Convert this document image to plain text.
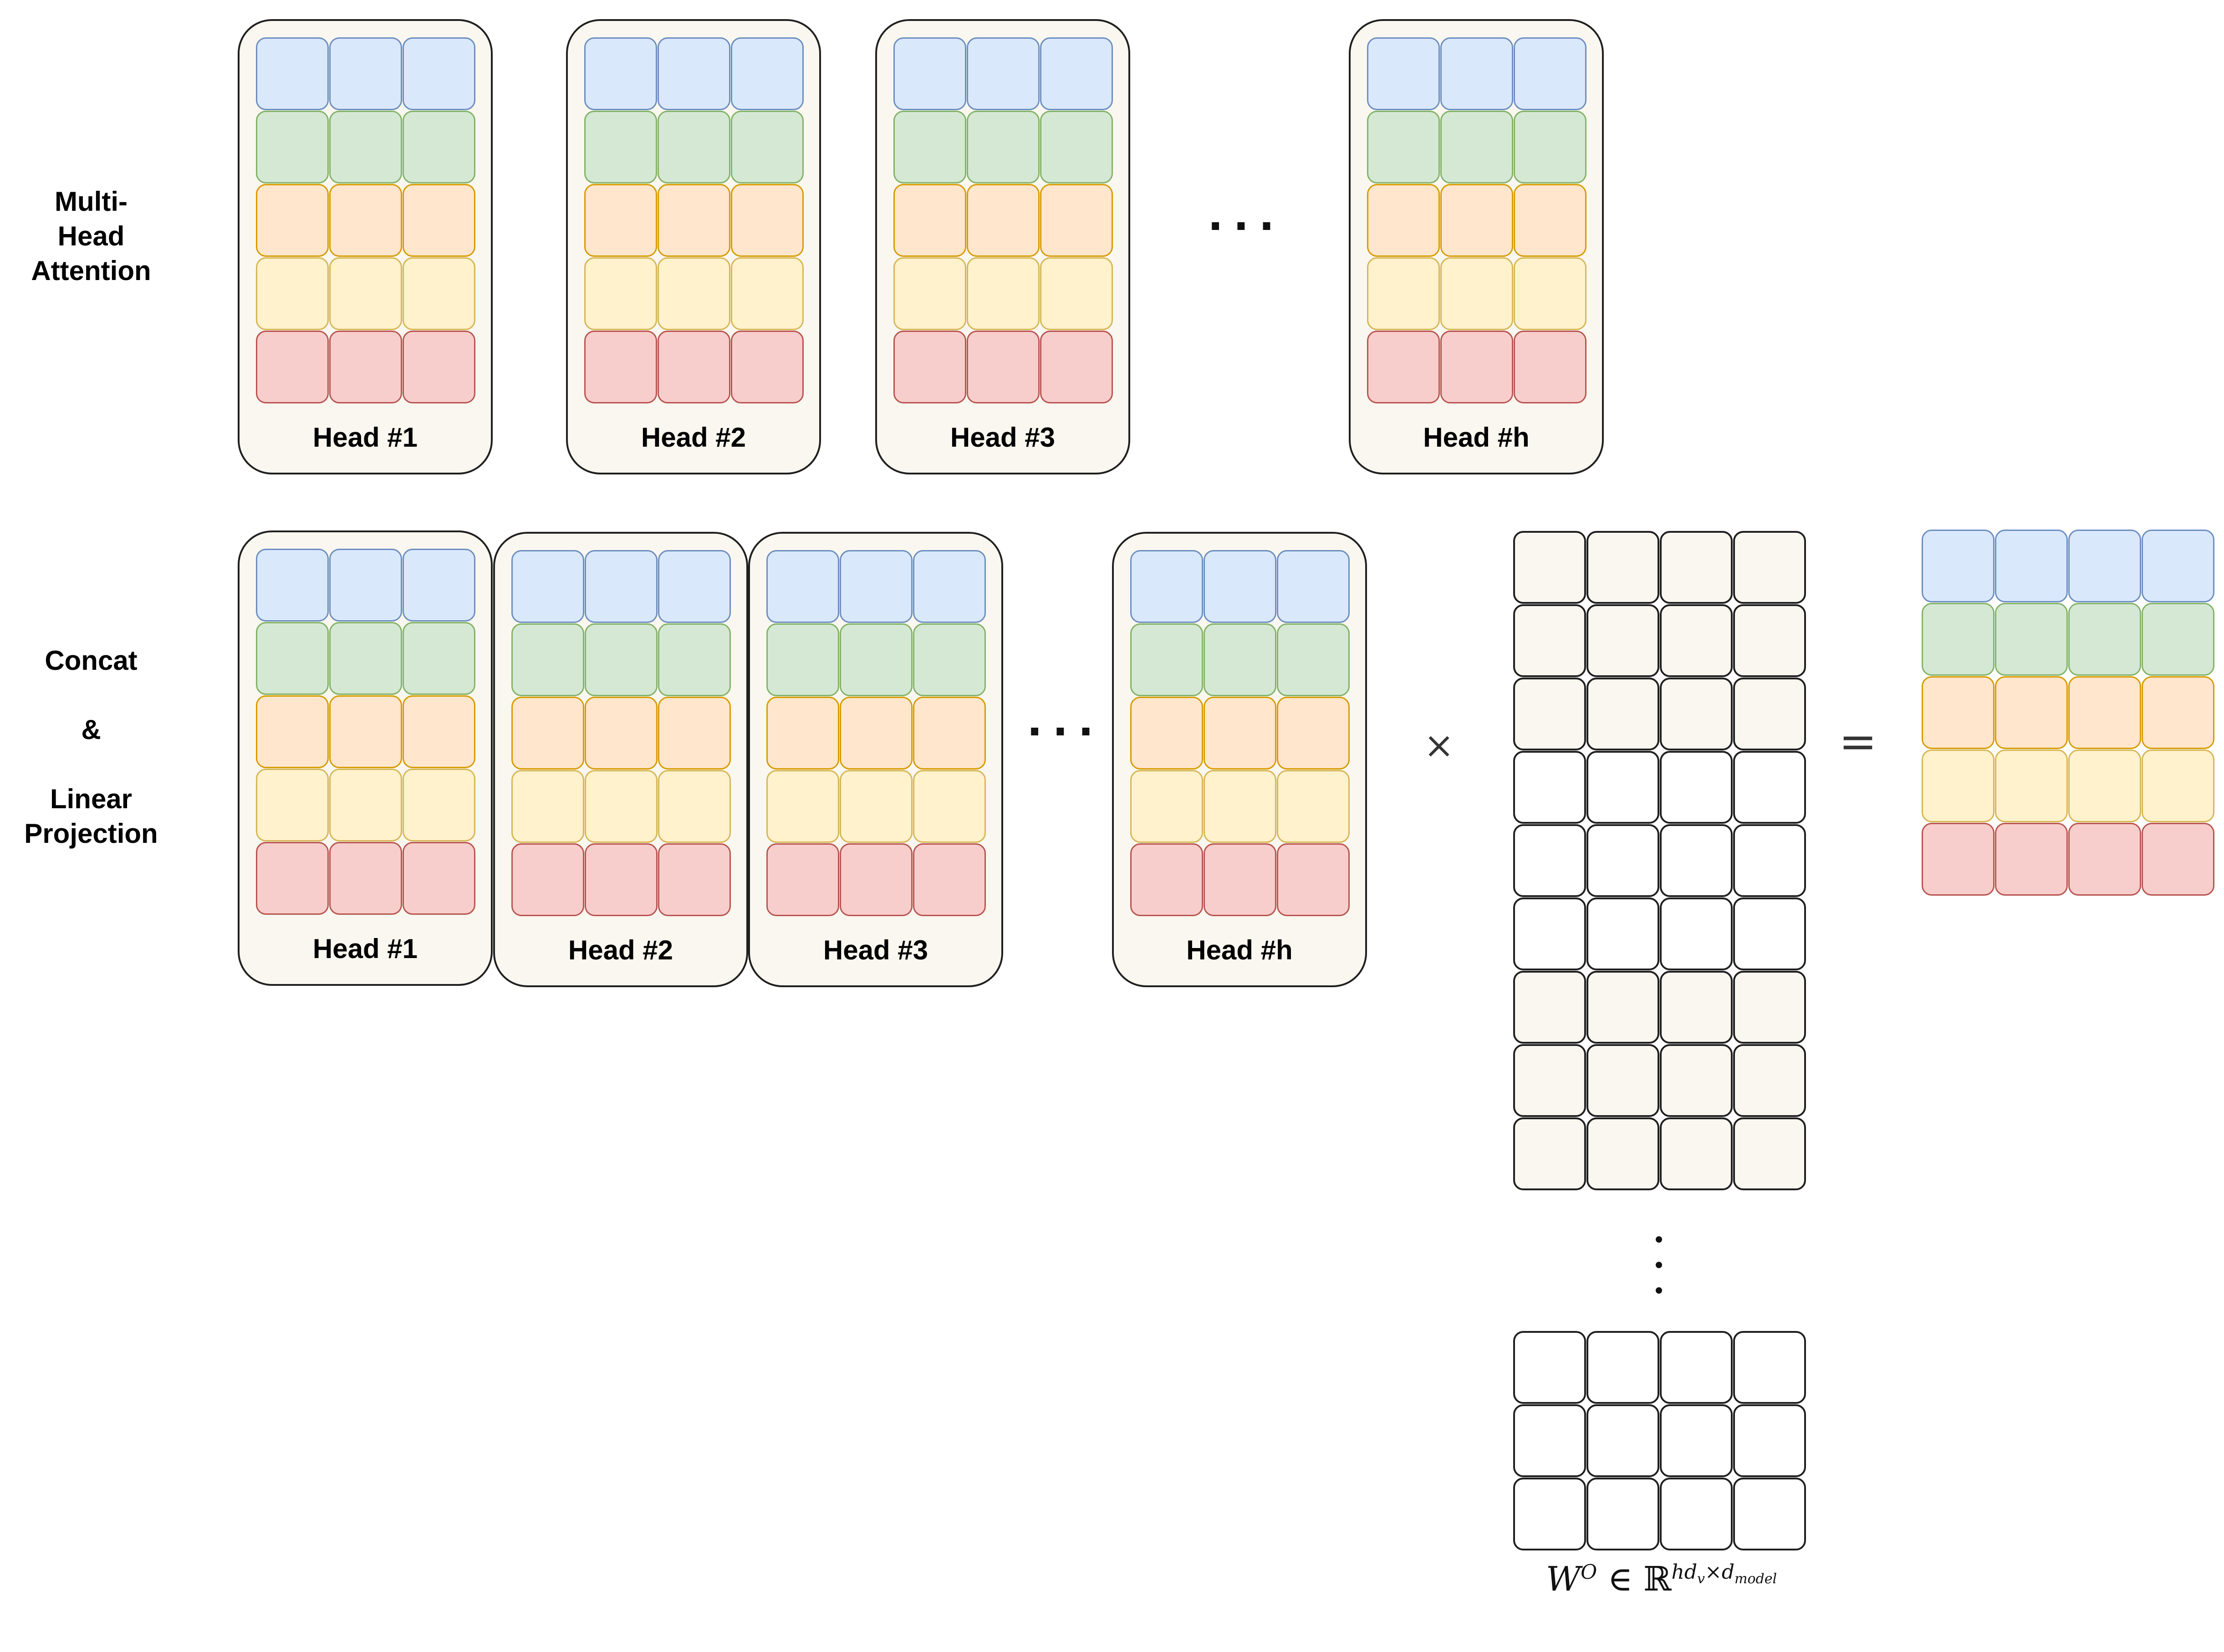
Multi-
Head
Attention
Concat

&

Linear
Projection
Head #1	Head #2	Head #3	Head #h
···
Head #1	Head #2	Head #3	Head #h
···	×	=
$W^O$ ∈ ℝ$^{hd_v\times d_{model}}$
